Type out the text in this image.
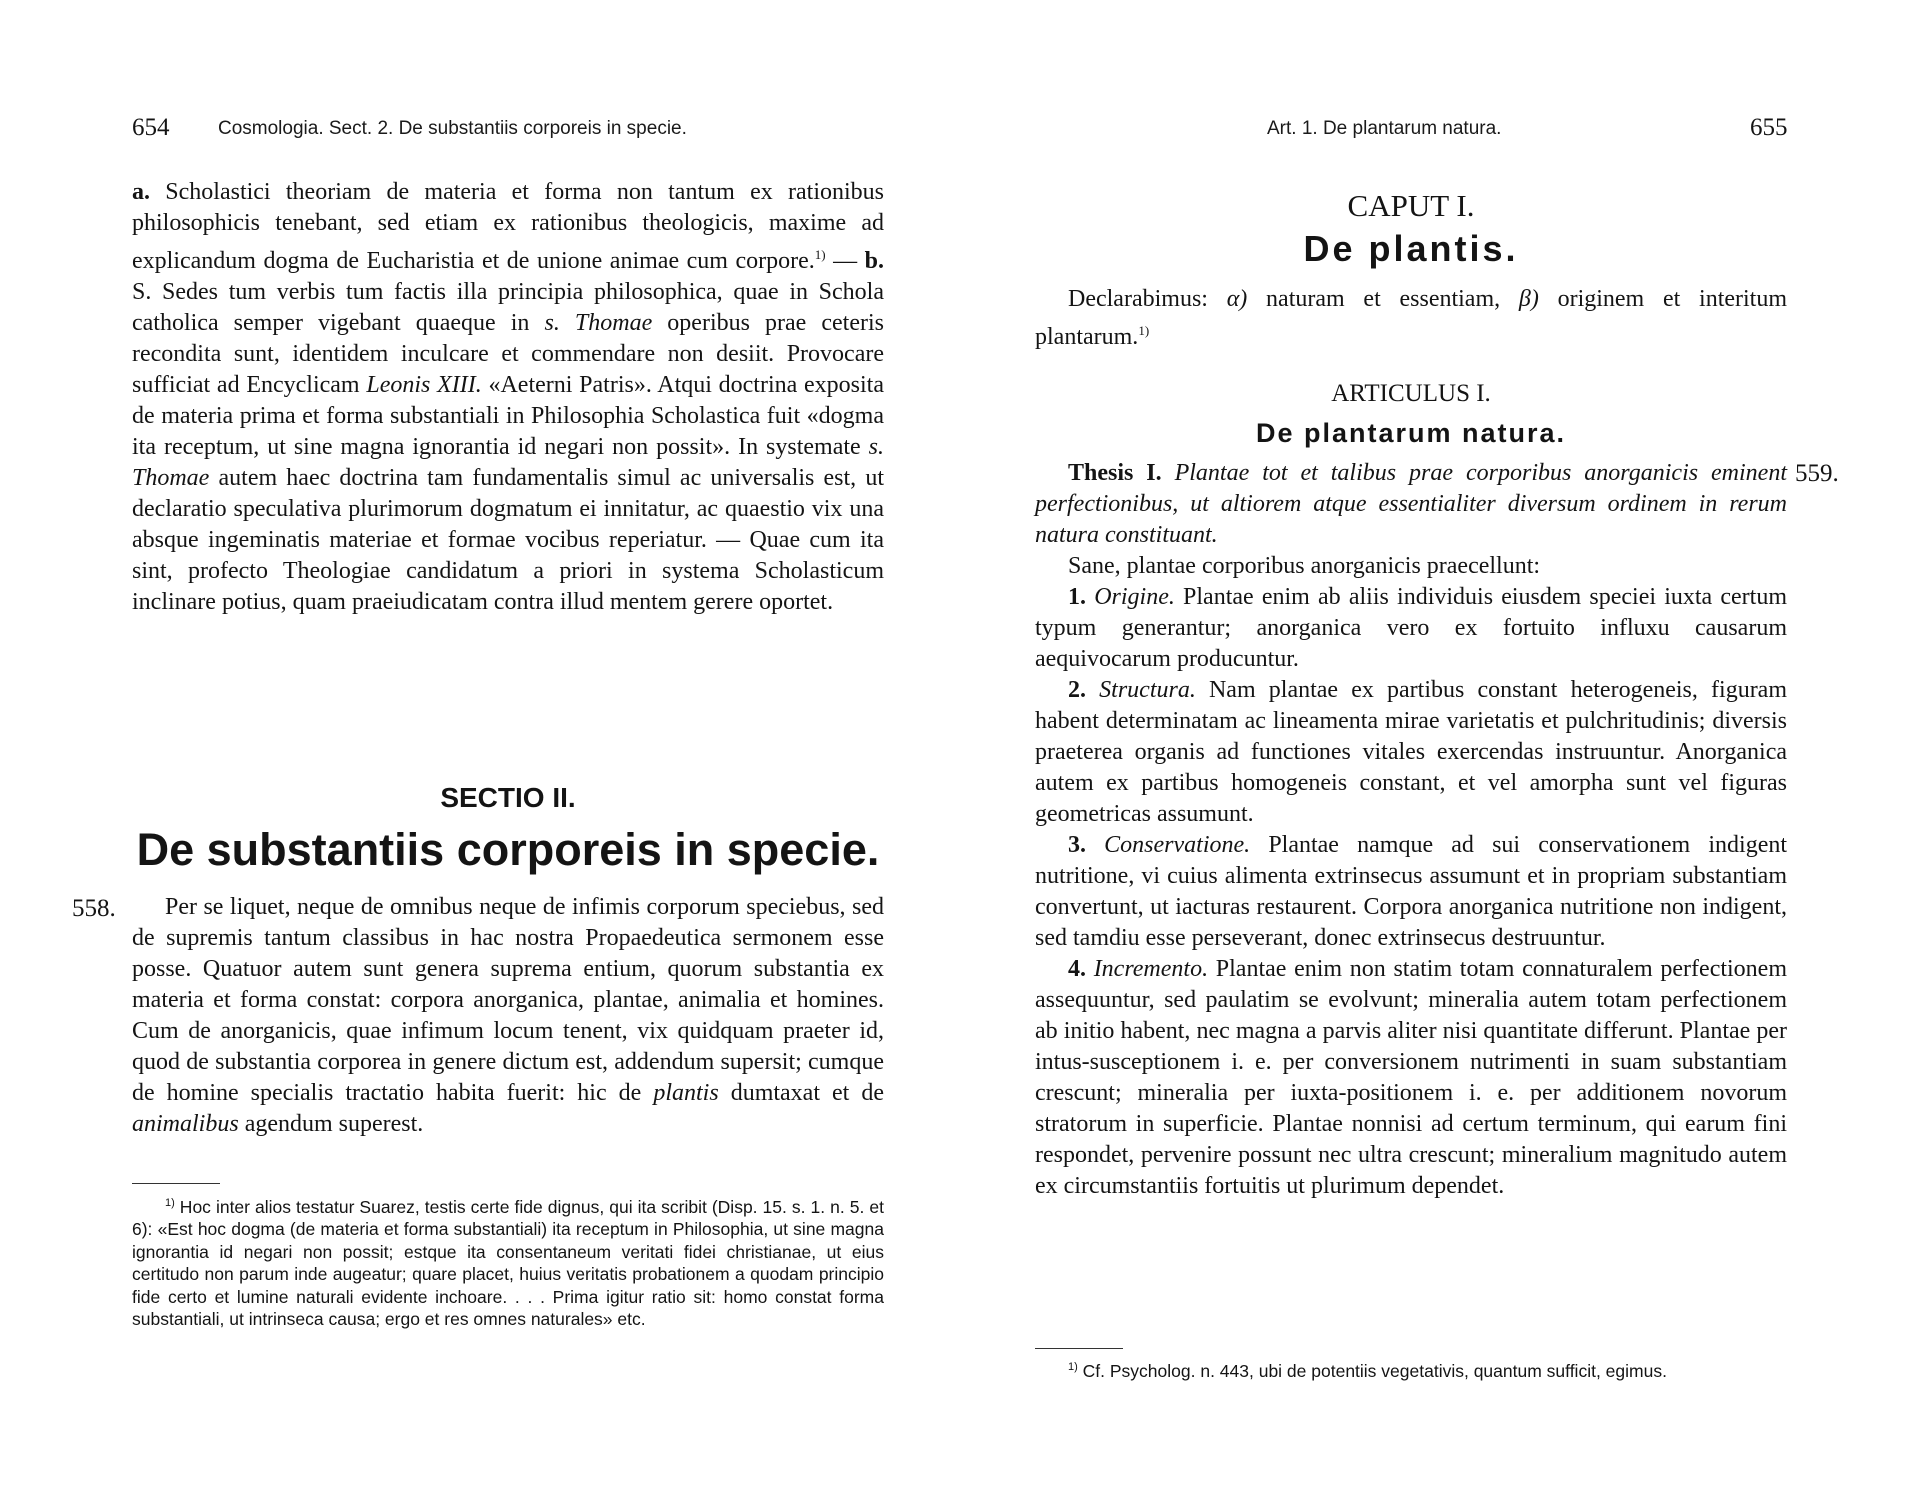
654	Cosmologia. Sect. 2. De substantiis corporeis in specie.

a. Scholastici theoriam de materia et forma non tantum ex rationibus philosophicis tenebant, sed etiam ex rationibus theologicis, maxime ad explicandum dogma de Eucharistia et de unione animae cum corpore.$^{1)}$ — b. S. Sedes tum verbis tum factis illa principia philosophica, quae in Schola catholica semper vigebant quaeque in s. Thomae operibus prae ceteris recondita sunt, identidem inculcare et commendare non desiit. Provocare sufficiat ad Encyclicam Leonis XIII. «Aeterni Patris». Atqui doctrina exposita de materia prima et forma substantiali in Philosophia Scholastica fuit «dogma ita receptum, ut sine magna ignorantia id negari non possit». In systemate s. Thomae autem haec doctrina tam fundamentalis simul ac universalis est, ut declaratio speculativa plurimorum dogmatum ei innitatur, ac quaestio vix una absque ingeminatis materiae et formae vocibus reperiatur. — Quae cum ita sint, profecto Theologiae candidatum a priori in systema Scholasticum inclinare potius, quam praeiudicatam contra illud mentem gerere oportet.

SECTIO II.
De substantiis corporeis in specie.
558.	Per se liquet, neque de omnibus neque de infimis corporum speciebus, sed de supremis tantum classibus in hac nostra Propaedeutica sermonem esse posse. Quatuor autem sunt genera suprema entium, quorum substantia ex materia et forma constat: corpora anorganica, plantae, animalia et homines. Cum de anorganicis, quae infimum locum tenent, vix quidquam praeter id, quod de substantia corporea in genere dictum est, addendum supersit; cumque de homine specialis tractatio habita fuerit: hic de plantis dumtaxat et de animalibus agendum superest.

$^{1)}$ Hoc inter alios testatur Suarez, testis certe fide dignus, qui ita scribit (Disp. 15. s. 1. n. 5. et 6): «Est hoc dogma (de materia et forma substantiali) ita receptum in Philosophia, ut sine magna ignorantia id negari non possit; estque ita consentaneum veritati fidei christianae, ut eius certitudo non parum inde augeatur; quare placet, huius veritatis probationem a quodam principio fide certo et lumine naturali evidente inchoare. . . . Prima igitur ratio sit: homo constat forma substantiali, ut intrinseca causa; ergo et res omnes naturales» etc.

Art. 1. De plantarum natura.	655
CAPUT I.
De plantis.

Declarabimus: α) naturam et essentiam, β) originem et interitum plantarum.$^{1)}$

ARTICULUS I.
De plantarum natura.
559.

Thesis I. Plantae tot et talibus prae corporibus anorganicis eminent perfectionibus, ut altiorem atque essentialiter diversum ordinem in rerum natura constituant.

Sane, plantae corporibus anorganicis praecellunt:

1. Origine. Plantae enim ab aliis individuis eiusdem speciei iuxta certum typum generantur; anorganica vero ex fortuito influxu causarum aequivocarum producuntur.

2. Structura. Nam plantae ex partibus constant heterogeneis, figuram habent determinatam ac lineamenta mirae varietatis et pulchritudinis; diversis praeterea organis ad functiones vitales exercendas instruuntur. Anorganica autem ex partibus homogeneis constant, et vel amorpha sunt vel figuras geometricas assumunt.

3. Conservatione. Plantae namque ad sui conservationem indigent nutritione, vi cuius alimenta extrinsecus assumunt et in propriam substantiam convertunt, ut iacturas restaurent. Corpora anorganica nutritione non indigent, sed tamdiu esse perseverant, donec extrinsecus destruuntur.

4. Incremento. Plantae enim non statim totam connaturalem perfectionem assequuntur, sed paulatim se evolvunt; mineralia autem totam perfectionem ab initio habent, nec magna a parvis aliter nisi quantitate differunt. Plantae per intus-susceptionem i. e. per conversionem nutrimenti in suam substantiam crescunt; mineralia per iuxta-positionem i. e. per additionem novorum stratorum in superficie. Plantae nonnisi ad certum terminum, qui earum fini respondet, pervenire possunt nec ultra crescunt; mineralium magnitudo autem ex circumstantiis fortuitis ut plurimum dependet.

$^{1)}$ Cf. Psycholog. n. 443, ubi de potentiis vegetativis, quantum sufficit, egimus.
